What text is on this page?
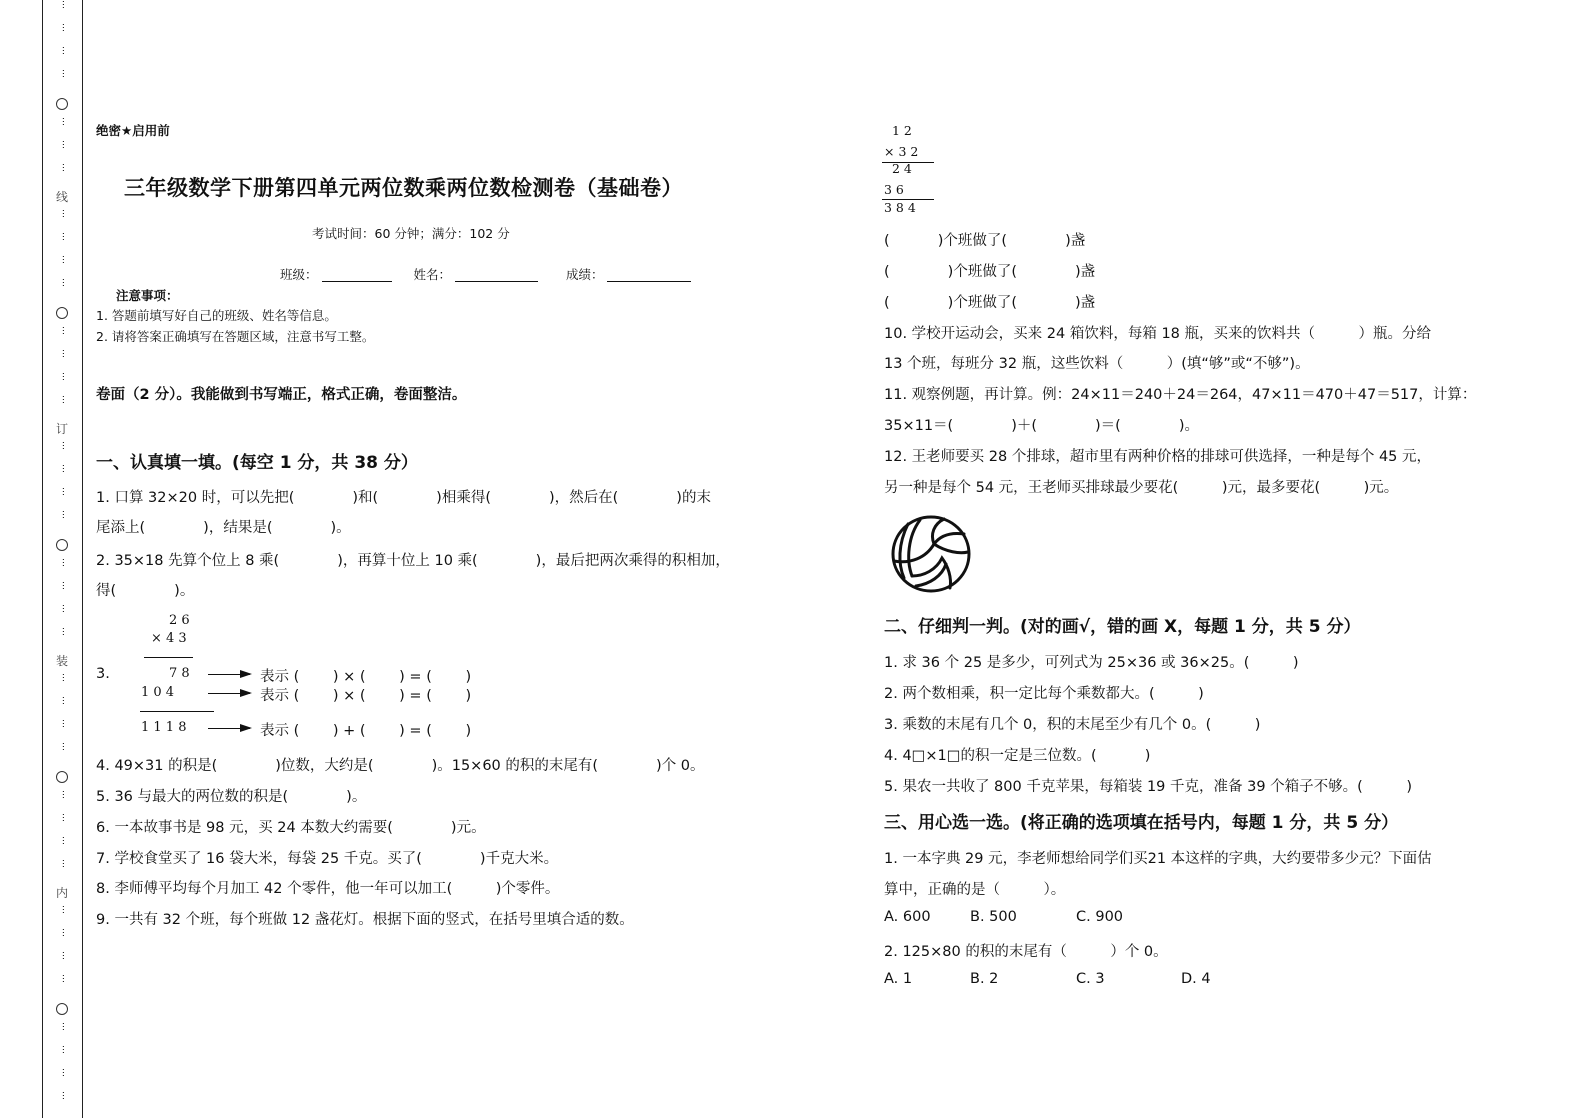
⋯
⋯
⋯
⋯
⋯
⋯
⋯
线
⋯
⋯
⋯
⋯
⋯
⋯
⋯
⋯
订
⋯
⋯
⋯
⋯
⋯
⋯
⋯
⋯
装
⋯
⋯
⋯
⋯
⋯
⋯
⋯
⋯
内
⋯
⋯
⋯
⋯
⋯
⋯
⋯
⋯
绝密★启用前
三年级数学下册第四单元两位数乘两位数检测卷（基础卷）
考试时间：60 分钟；满分：102 分
班级：	姓名：	成绩：
注意事项：
1. 答题前填写好自己的班级、姓名等信息。
2. 请将答案正确填写在答题区域，注意书写工整。
卷面（2 分）。我能做到书写端正，格式正确，卷面整洁。
一、认真填一填。(每空 1 分，共 38 分）
1. 口算 32×20 时，可以先把(　　　　)和(　　　　)相乘得(　　　　)，然后在(　　　　)的末
尾添上(　　　　)，结果是(　　　　)。
2. 35×18 先算个位上 8 乘(　　　　)，再算十位上 10 乘(　　　　)，最后把两次乘得的积相加，
得(　　　　)。
3.
2 6
× 4 3
7 8
1 0 4
1 1 1 8
表示 (　　 ) × (　　 ) = (　　 )
表示 (　　 ) × (　　 ) = (　　 )
表示 (　　 ) + (　　 ) = (　　 )
4. 49×31 的积是(　　　　)位数，大约是(　　　　)。15×60 的积的末尾有(　　　　)个 0。
5. 36 与最大的两位数的积是(　　　　)。
6. 一本故事书是 98 元，买 24 本数大约需要(　　　　)元。
7. 学校食堂买了 16 袋大米，每袋 25 千克。买了(　　　　)千克大米。
8. 李师傅平均每个月加工 42 个零件，他一年可以加工(　　　)个零件。
9. 一共有 32 个班，每个班做 12 盏花灯。根据下面的竖式，在括号里填合适的数。
1 2
× 3 2
2 4
3 6
3 8 4
(　　　 )个班做了(　　　　)盏
(　　　　)个班做了(　　　　)盏
(　　　　)个班做了(　　　　)盏
10. 学校开运动会，买来 24 箱饮料，每箱 18 瓶，买来的饮料共（　　　）瓶。分给
13 个班，每班分 32 瓶，这些饮料（　　　）(填“够”或“不够”)。
11. 观察例题，再计算。例：24×11＝240＋24＝264，47×11＝470＋47＝517，计算：
35×11＝(　　　　)＋(　　　　)＝(　　　　)。
12. 王老师要买 28 个排球，超市里有两种价格的排球可供选择，一种是每个 45 元，
另一种是每个 54 元，王老师买排球最少要花(　　　)元，最多要花(　　　)元。
二、仔细判一判。(对的画√，错的画 X，每题 1 分，共 5 分）
1. 求 36 个 25 是多少，可列式为 25×36 或 36×25。(　　　)
2. 两个数相乘，积一定比每个乘数都大。(　　　)
3. 乘数的末尾有几个 0，积的末尾至少有几个 0。(　　　)
4. 4□×1□的积一定是三位数。(　　　 )
5. 果农一共收了 800 千克苹果，每箱装 19 千克，准备 39 个箱子不够。(　　　)
三、用心选一选。(将正确的选项填在括号内，每题 1 分，共 5 分）
1. 一本字典 29 元，李老师想给同学们买21 本这样的字典，大约要带多少元？下面估
算中，正确的是（　　　）。
A. 600	B. 500	C. 900
2. 125×80 的积的末尾有（　　　）个 0。
A. 1	B. 2	C. 3	D. 4
